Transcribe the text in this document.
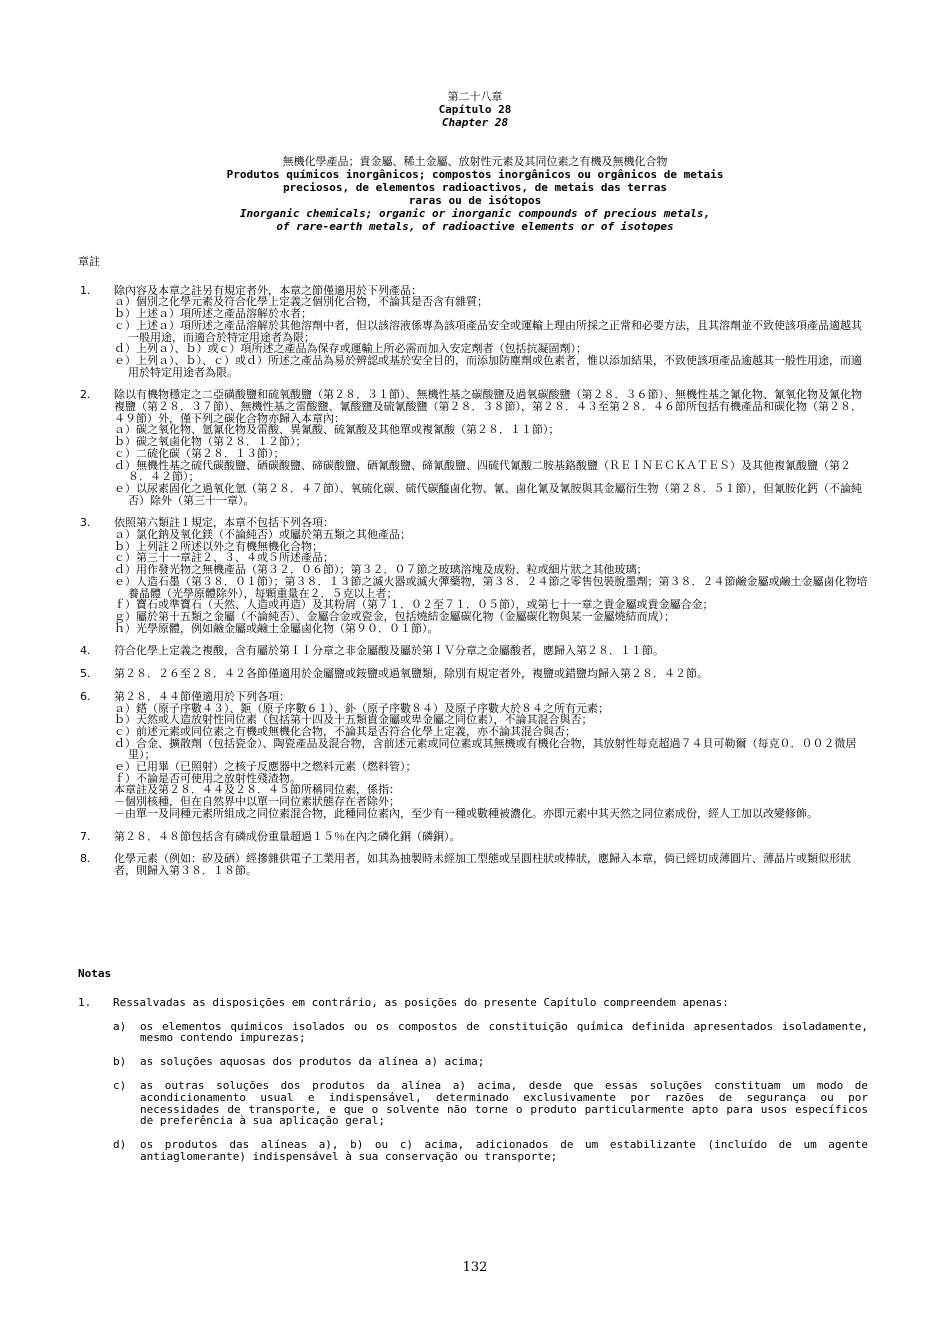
第二十八章
Capítulo 28
Chapter 28
無機化學產品；貴金屬、稀土金屬、放射性元素及其同位素之有機及無機化合物
Produtos químicos inorgânicos; compostos inorgânicos ou orgânicos de metais
preciosos, de elementos radioactivos, de metais das terras
raras ou de isótopos
Inorganic chemicals; organic or inorganic compounds of precious metals,
of rare-earth metals, of radioactive elements or of isotopes
章註
1. 除內容及本章之註另有規定者外，本章之節僅適用於下列產品：
ａ）個別之化學元素及符合化學上定義之個別化合物，不論其是否含有雜質；
ｂ）上述ａ）項所述之產品溶解於水者；
ｃ）上述ａ）項所述之產品溶解於其他溶劑中者，但以該溶液係專為該項產品安全或運輸上理由所採之正常和必要方法，且其溶劑並不致使該項產品適越其一般用途，而適合於特定用途者為限；
ｄ）上列ａ）、ｂ）或ｃ）項所述之產品為保存或運輸上所必需而加入安定劑者（包括抗凝固劑）；
ｅ）上列ａ）、ｂ）、ｃ）或ｄ）所述之產品為易於辨認或基於安全目的，而添加防塵劑或色素者，惟以添加結果，不致使該項產品逾越其一般性用途，而適用於特定用途者為限。
2. 除以有機物穩定之二亞磺酸鹽和硫氧酸鹽（第２８．３１節）、無機性基之碳酸鹽及過氧碳酸鹽（第２８．３６節）、無機性基之氰化物、氰氧化物及氰化物複鹽（第２８．３７節）、無機性基之雷酸鹽、氰酸鹽及硫氰酸鹽（第２８．３８節），第２８．４３至第２８．４６節所包括有機產品和碳化物（第２８．４９節）外，僅下列之碳化合物亦歸入本章內：
ａ）碳之氧化物、氫氰化物及雷酸、異氰酸、硫氰酸及其他單或複氰酸（第２８．１１節）；
ｂ）碳之氧鹵化物（第２８．１２節）；
ｃ）二硫化碳（第２８．１３節）；
ｄ）無機性基之硫代碳酸鹽、硒碳酸鹽、碲碳酸鹽、硒氰酸鹽、碲氰酸鹽、四硫代氰酸二胺基鉻酸鹽（ＲＥＩＮＥＣＫＡＴＥＳ）及其他複氰酸鹽（第２８．４２節）；
ｅ）以尿素固化之過氧化氫（第２８．４７節）、氧硫化碳、硫代碳醯鹵化物、氰、鹵化氰及氰胺與其金屬衍生物（第２８．５１節），但氰胺化鈣（不論純否）除外（第三十一章）。
3. 依照第六類註１規定，本章不包括下列各項：
ａ）氯化鈉及氧化鎂（不論純否）或屬於第五類之其他產品；
ｂ）上列註２所述以外之有機無機化合物；
ｃ）第三十一章註２、３、４或５所述產品；
ｄ）用作發光物之無機產品（第３２．０６節）；第３２．０７節之玻璃溶塊及成粉、粒或細片狀之其他玻璃；
ｅ）人造石墨（第３８．０１節）；第３８．１３節之滅火器或滅火彈藥物，第３８．２４節之零售包裝脫墨劑；第３８．２４節鹼金屬或鹼土金屬鹵化物培養晶體（光學原體除外），每顆重量在２．５克以上者；
ｆ）寶石或準寶石（天然、人造或再造）及其粉屑（第７１．０２至７１．０５節），或第七十一章之貴金屬或貴金屬合金；
ｇ）屬於第十五類之金屬（不論純否）、金屬合金或瓷金，包括燒結金屬碳化物（金屬碳化物與某一金屬燒結而成）；
ｈ）光學原體，例如鹼金屬或鹼土金屬鹵化物（第９０．０１節）。
4. 符合化學上定義之複酸，含有屬於第ＩＩ分章之非金屬酸及屬於第ＩＶ分章之金屬酸者，應歸入第２８．１１節。
5. 第２８．２６至２８．４２各節僅適用於金屬鹽或銨鹽或過氧鹽類，除別有規定者外，複鹽或錯鹽均歸入第２８．４２節。
6. 第２８．４４節僅適用於下列各項：
ａ）鎝（原子序數４３）、鉕（原子序數６１）、釙（原子序數８４）及原子序數大於８４之所有元素；
ｂ）天然或人造放射性同位素（包括第十四及十五類貴金屬或卑金屬之同位素），不論其混合與否；
ｃ）前述元素或同位素之有機或無機化合物，不論其是否符合化學上定義，亦不論其混合與否；
ｄ）合金、擴散劑（包括瓷金）、陶瓷產品及混合物，含前述元素或同位素或其無機或有機化合物，其放射性每克超過７４貝可勒爾（每克０．００２微居里）；
ｅ）已用畢（已照射）之核子反應器中之燃料元素（燃料管）；
ｆ）不論是否可使用之放射性殘渣物。
本章註及第２８．４４及２８．４５節所稱同位素，係指：
－個別核種，但在自然界中以單一同位素狀態存在者除外；
－由單一及同種元素所組成之同位素混合物，此種同位素內，至少有一種或數種被濃化。亦即元素中其天然之同位素成份，經人工加以改變修飾。
7. 第２８．４８節包括含有磷成份重量超過１５％在內之磷化銅（磷銅）。
8. 化學元素（例如：矽及硒）經摻雜供電子工業用者，如其為抽製時未經加工型態或呈圓柱狀或棒狀，應歸入本章，倘已經切成薄圓片、薄晶片或類似形狀者，則歸入第３８．１８節。
Notas
1. Ressalvadas as disposições em contrário, as posições do presente Capítulo compreendem apenas:
a) os elementos químicos isolados ou os compostos de constituição química definida apresentados isoladamente, mesmo contendo impurezas;
b) as soluções aquosas dos produtos da alínea a) acima;
c) as outras soluções dos produtos da alínea a) acima, desde que essas soluções constituam um modo de acondicionamento usual e indispensável, determinado exclusivamente por razões de segurança ou por necessidades de transporte, e que o solvente não torne o produto particularmente apto para usos específicos de preferência à sua aplicação geral;
d) os produtos das alíneas a), b) ou c) acima, adicionados de um estabilizante (incluído de um agente antiaglomerante) indispensável à sua conservação ou transporte;
132
